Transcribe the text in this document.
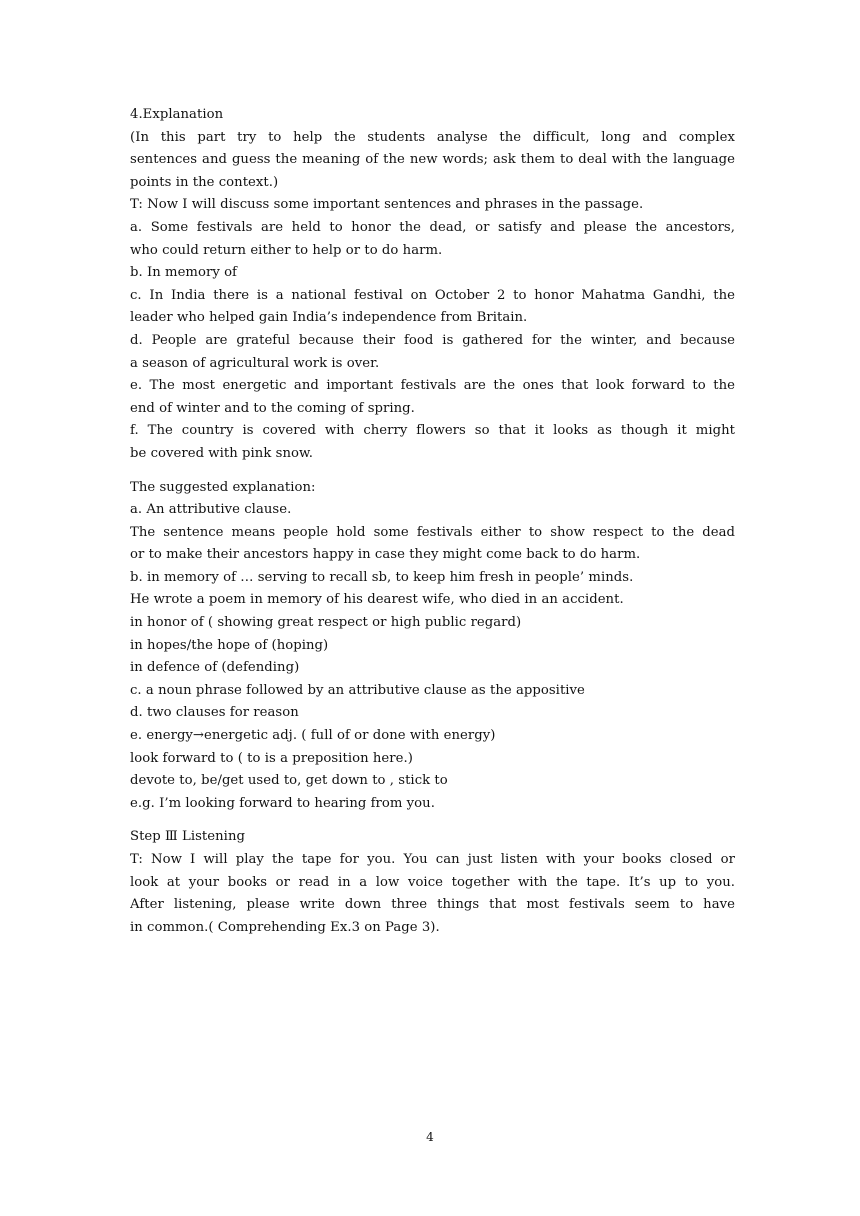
4.Explanation
(In this part try to help the students analyse the difficult, long and complex
sentences and guess the meaning of the new words; ask them to deal with the language
points in the context.)
T: Now I will discuss some important sentences and phrases in the passage.
a. Some festivals are held to honor the dead, or satisfy and please the ancestors,
who could return either to help or to do harm.
b. In memory of
c. In India there is a national festival on October 2 to honor Mahatma Gandhi, the
leader who helped gain India’s independence from Britain.
d. People are grateful because their food is gathered for the winter, and because
a season of agricultural work is over.
e. The most energetic and important festivals are the ones that look forward to the
end of winter and to the coming of spring.
f. The country is covered with cherry flowers so that it looks as though it might
be covered with pink snow.
The suggested explanation:
a. An attributive clause.
The sentence means people hold some festivals either to show respect to the dead
or to make their ancestors happy in case they might come back to do harm.
b. in memory of … serving to recall sb, to keep him fresh in people’ minds.
He wrote a poem in memory of his dearest wife, who died in an accident.
in honor of ( showing great respect or high public regard)
in hopes/the hope of (hoping)
in defence of (defending)
c. a noun phrase followed by an attributive clause as the appositive
d. two clauses for reason
e. energy→energetic adj. ( full of or done with energy)
look forward to ( to is a preposition here.)
devote to, be/get used to, get down to , stick to
e.g. I’m looking forward to hearing from you.
Step Ⅲ Listening
T: Now I will play the tape for you. You can just listen with your books closed or
look at your books or read in a low voice together with the tape. It’s up to you.
After listening, please write down three things that most festivals seem to have
in common.( Comprehending Ex.3 on Page 3).
4
